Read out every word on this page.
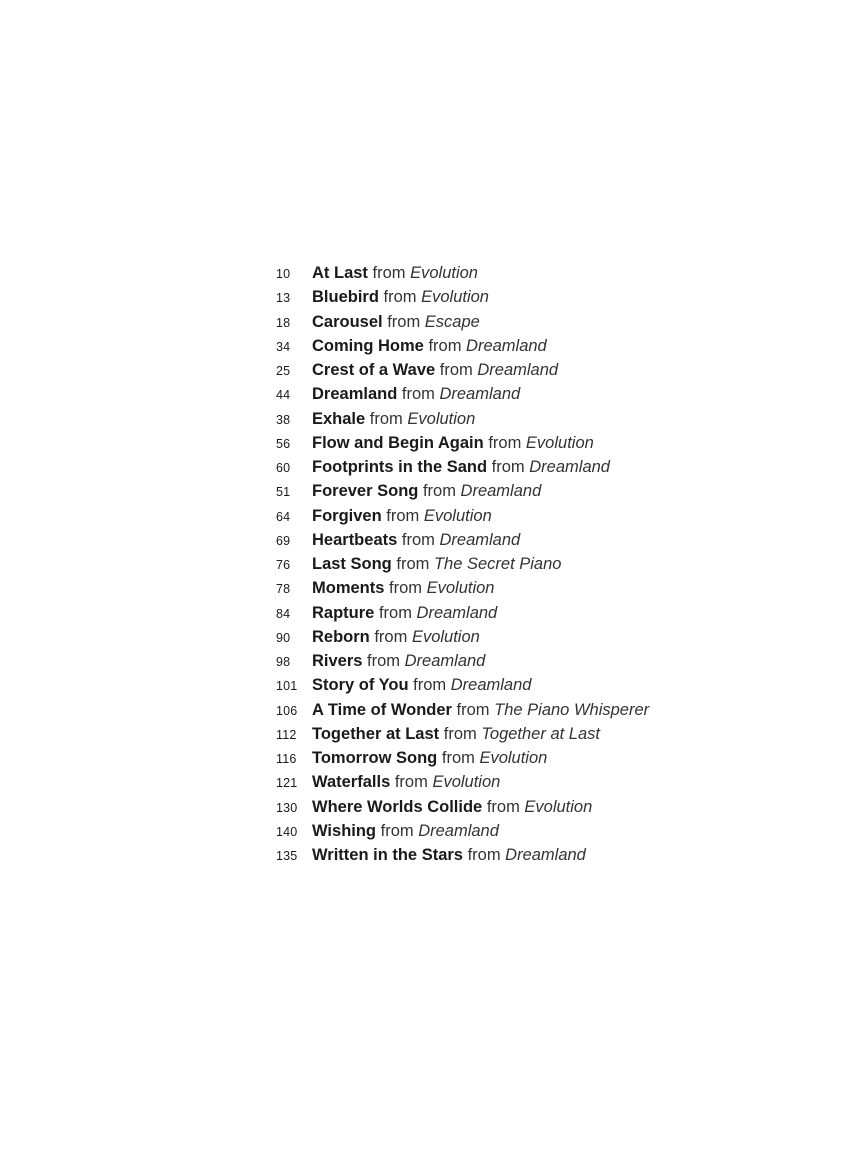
10	At Last from Evolution
13	Bluebird from Evolution
18	Carousel from Escape
34	Coming Home from Dreamland
25	Crest of a Wave from Dreamland
44	Dreamland from Dreamland
38	Exhale from Evolution
56	Flow and Begin Again from Evolution
60	Footprints in the Sand from Dreamland
51	Forever Song from Dreamland
64	Forgiven from Evolution
69	Heartbeats from Dreamland
76	Last Song from The Secret Piano
78	Moments from Evolution
84	Rapture from Dreamland
90	Reborn from Evolution
98	Rivers from Dreamland
101 Story of You from Dreamland
106 A Time of Wonder from The Piano Whisperer
112 Together at Last from Together at Last
116 Tomorrow Song from Evolution
121 Waterfalls from Evolution
130 Where Worlds Collide from Evolution
140 Wishing from Dreamland
135 Written in the Stars from Dreamland
